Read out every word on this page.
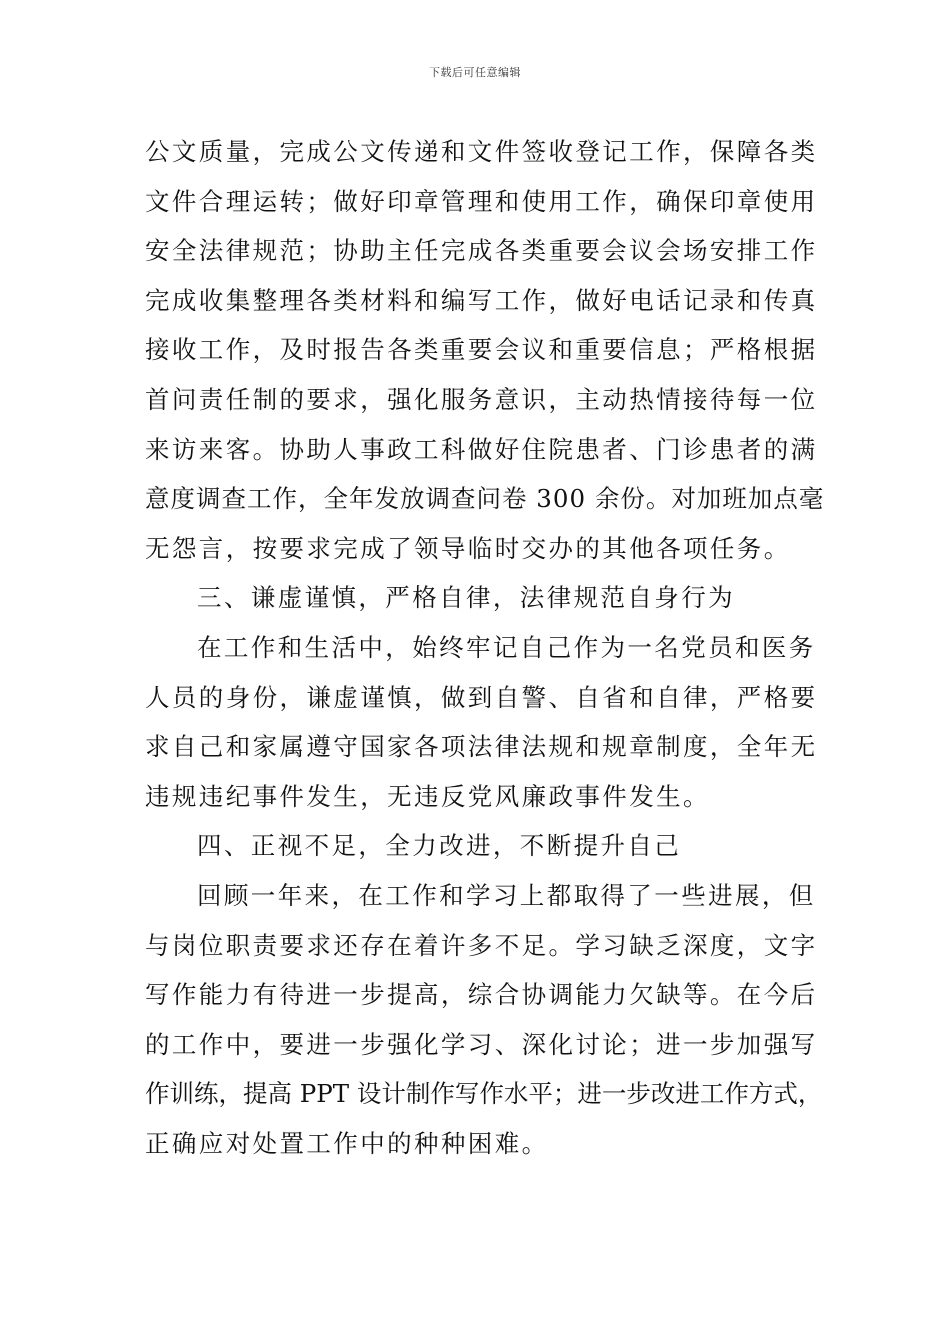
下载后可任意编辑
公文质量，完成公文传递和文件签收登记工作，保障各类
文件合理运转；做好印章管理和使用工作，确保印章使用
安全法律规范；协助主任完成各类重要会议会场安排工作
完成收集整理各类材料和编写工作，做好电话记录和传真
接收工作，及时报告各类重要会议和重要信息；严格根据
首问责任制的要求，强化服务意识，主动热情接待每一位
来访来客。协助人事政工科做好住院患者、门诊患者的满
意度调查工作，全年发放调查问卷 300 余份。对加班加点毫
无怨言，按要求完成了领导临时交办的其他各项任务。
三、谦虚谨慎，严格自律，法律规范自身行为
在工作和生活中，始终牢记自己作为一名党员和医务
人员的身份，谦虚谨慎，做到自警、自省和自律，严格要
求自己和家属遵守国家各项法律法规和规章制度，全年无
违规违纪事件发生，无违反党风廉政事件发生。
四、正视不足，全力改进，不断提升自己
回顾一年来，在工作和学习上都取得了一些进展，但
与岗位职责要求还存在着许多不足。学习缺乏深度，文字
写作能力有待进一步提高，综合协调能力欠缺等。在今后
的工作中，要进一步强化学习、深化讨论；进一步加强写
作训练，提高 PPT 设计制作写作水平；进一步改进工作方式，
正确应对处置工作中的种种困难。
